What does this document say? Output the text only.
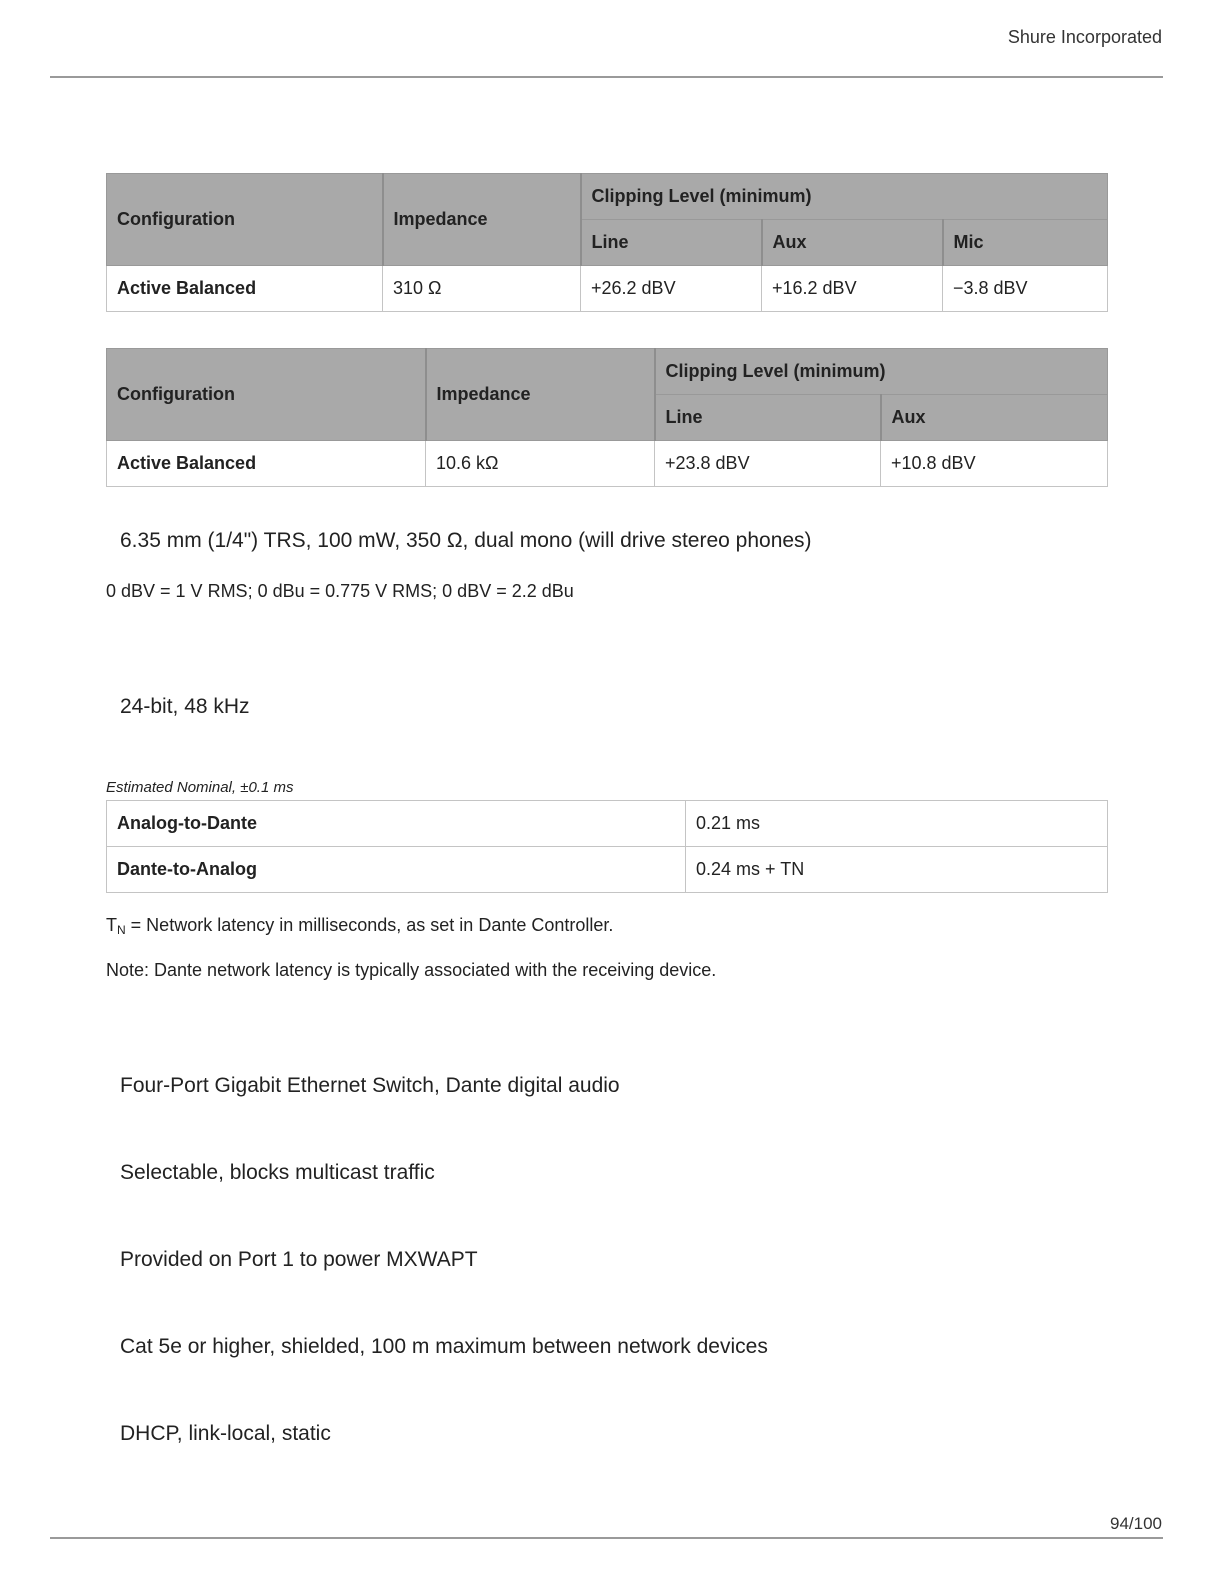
Shure Incorporated
Configuration	Impedance	Clipping Level (minimum)		
		Line	Aux	Mic
Active Balanced	310 Ω	+26.2 dBV	+16.2 dBV	−3.8 dBV
Configuration	Impedance	Clipping Level (minimum)	
		Line	Aux
Active Balanced	10.6 kΩ	+23.8 dBV	+10.8 dBV
6.35 mm (1/4") TRS, 100 mW, 350 Ω, dual mono (will drive stereo phones)
0 dBV = 1 V RMS; 0 dBu = 0.775 V RMS; 0 dBV = 2.2 dBu
24-bit, 48 kHz
Estimated Nominal, ±0.1 ms
Analog-to-Dante	0.21 ms
Dante-to-Analog	0.24 ms + TN
$T_N$ = Network latency in milliseconds, as set in Dante Controller.
Note: Dante network latency is typically associated with the receiving device.
Four-Port Gigabit Ethernet Switch, Dante digital audio
Selectable, blocks multicast traffic
Provided on Port 1 to power MXWAPT
Cat 5e or higher, shielded, 100 m maximum between network devices
DHCP, link-local, static
94/100
